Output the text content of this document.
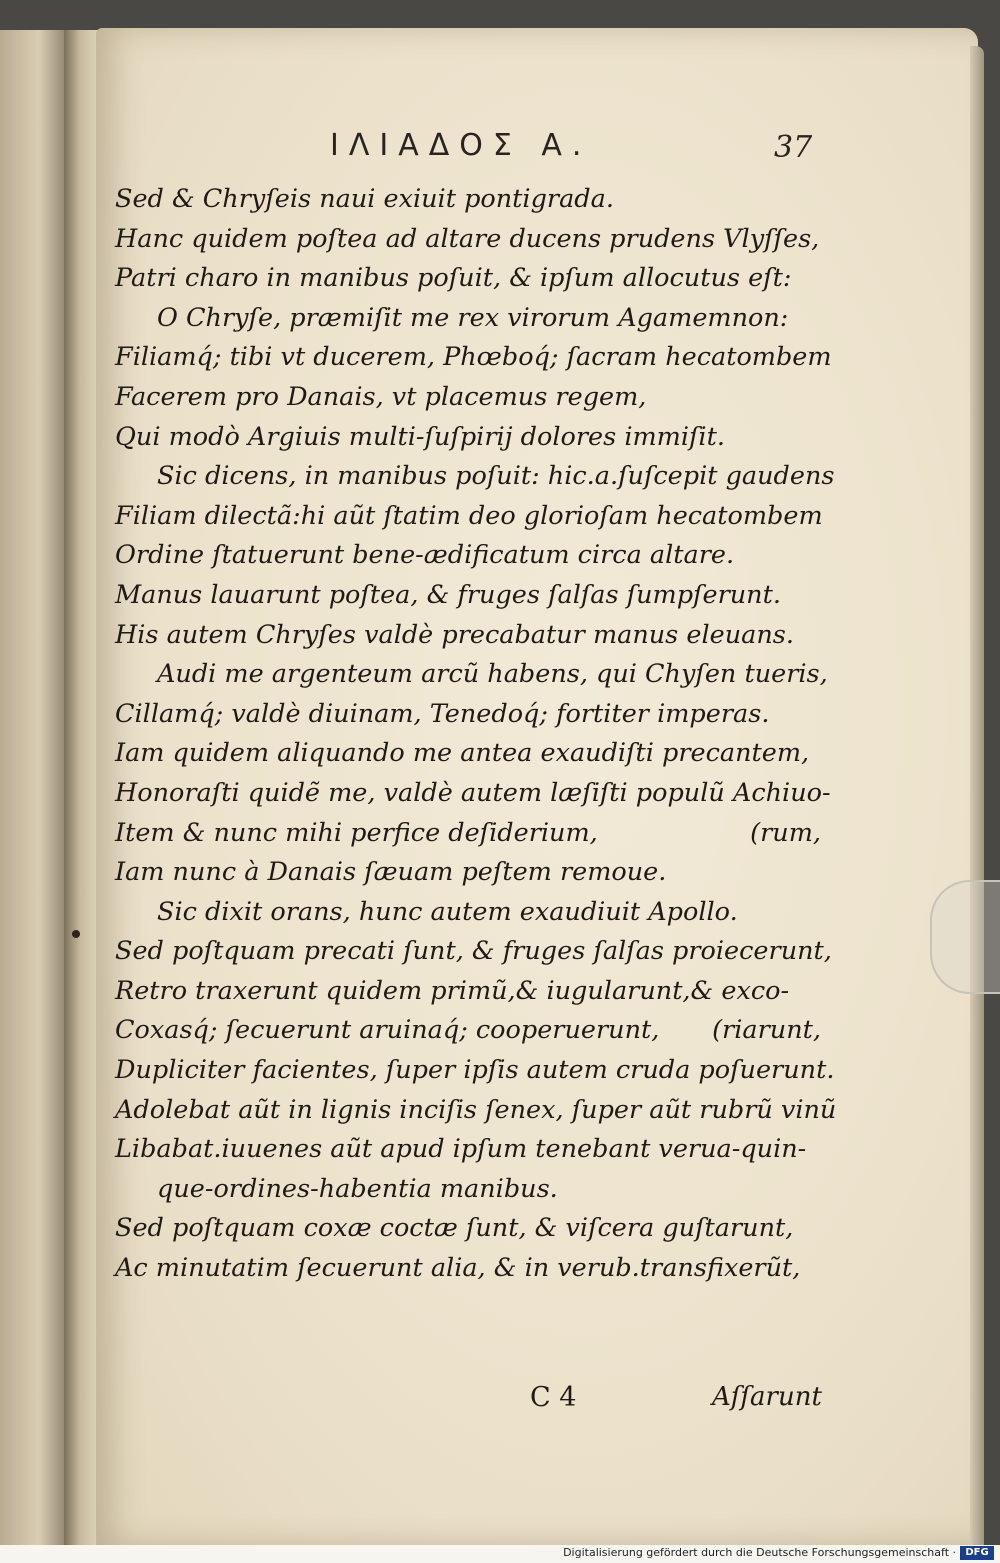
ΙΛΙΑΔΟΣ Α.	37
Sed & Chryſeis naui exiuit pontigrada.
Hanc quidem poſtea ad altare ducens prudens Vlyſſes,
Patri charo in manibus poſuit, & ipſum allocutus eſt:
O Chryſe, præmiſit me rex virorum Agamemnon:
Filiamq́; tibi vt ducerem, Phœboq́; ſacram hecatombem
Facerem pro Danais, vt placemus regem,
Qui modò Argiuis multi-ſuſpirij dolores immiſit.
Sic dicens, in manibus poſuit: hic.a.ſuſcepit gaudens
Filiam dilectã:hi aũt ſtatim deo glorioſam hecatombem
Ordine ſtatuerunt bene-ædificatum circa altare.
Manus lauarunt poſtea, & fruges ſalſas ſumpſerunt.
His autem Chryſes valdè precabatur manus eleuans.
Audi me argenteum arcũ habens, qui Chyſen tueris,
Cillamq́; valdè diuinam, Tenedoq́; fortiter imperas.
Iam quidem aliquando me antea exaudiſti precantem,
Honoraſti quidẽ me, valdè autem læſiſti populũ Achiuo-
Item & nunc mihi perfice deſiderium,	(rum,
Iam nunc à Danais ſæuam peſtem remoue.
Sic dixit orans, hunc autem exaudiuit Apollo.
Sed poſtquam precati ſunt, & fruges ſalſas proiecerunt,
Retro traxerunt quidem primũ,& iugularunt,& exco-
Coxasq́; ſecuerunt aruinaq́; cooperuerunt, (riarunt,
Dupliciter facientes, ſuper ipſis autem cruda poſuerunt.
Adolebat aũt in lignis inciſis ſenex, ſuper aũt rubrũ vinũ
Libabat.iuuenes aũt apud ipſum tenebant verua-quin-
que-ordines-habentia manibus.
Sed poſtquam coxæ coctæ ſunt, & viſcera guſtarunt,
Ac minutatim ſecuerunt alia, & in verub.transfixerũt,
C 4	Aſſarunt
Digitalisierung gefördert durch die Deutsche Forschungsgemeinschaft · DFG
